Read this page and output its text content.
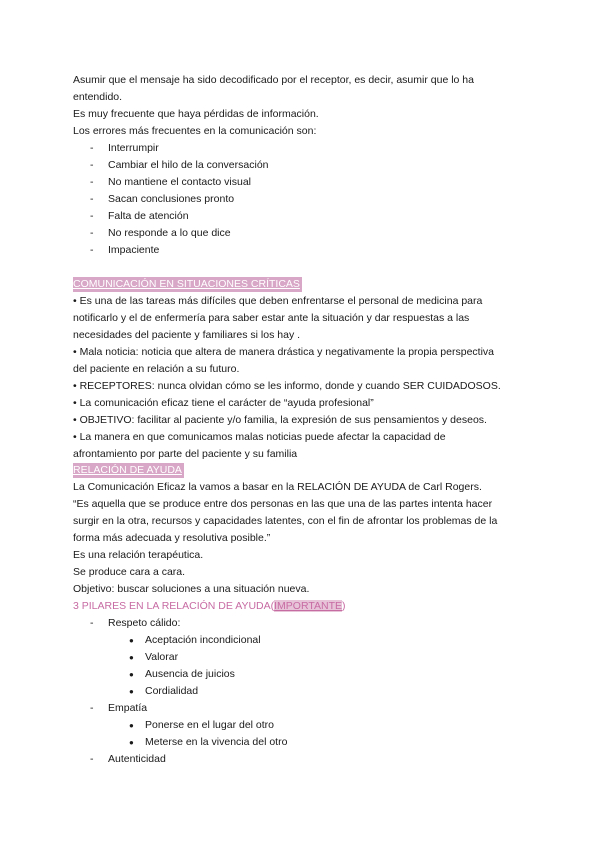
Asumir que el mensaje ha sido decodificado por el receptor, es decir, asumir que lo ha
entendido.
Es muy frecuente que haya pérdidas de información.
Los errores más frecuentes en la comunicación son:
- Interrumpir
- Cambiar el hilo de la conversación
- No mantiene el contacto visual
- Sacan conclusiones pronto
- Falta de atención
- No responde a lo que dice
- Impaciente
COMUNICACIÓN EN SITUACIONES CRÍTICAS
• Es una de las tareas más difíciles que deben enfrentarse el personal de medicina para
notificarlo y el de enfermería para saber estar ante la situación y dar respuestas a las
necesidades del paciente y familiares si los hay .
• Mala noticia: noticia que altera de manera drástica y negativamente la propia perspectiva
del paciente en relación a su futuro.
• RECEPTORES: nunca olvidan cómo se les informo, donde y cuando SER CUIDADOSOS.
• La comunicación eficaz tiene el carácter de “ayuda profesional”
• OBJETIVO: facilitar al paciente y/o familia, la expresión de sus pensamientos y deseos.
• La manera en que comunicamos malas noticias puede afectar la capacidad de
afrontamiento por parte del paciente y su familia
RELACIÓN DE AYUDA
La Comunicación Eficaz la vamos a basar en la RELACIÓN DE AYUDA de Carl Rogers.
“Es aquella que se produce entre dos personas en las que una de las partes intenta hacer
surgir en la otra, recursos y capacidades latentes, con el fin de afrontar los problemas de la
forma más adecuada y resolutiva posible.”
Es una relación terapéutica.
Se produce cara a cara.
Objetivo: buscar soluciones a una situación nueva.
3 PILARES EN LA RELACIÓN DE AYUDA(IMPORTANTE)
- Respeto cálido:
● Aceptación incondicional
● Valorar
● Ausencia de juicios
● Cordialidad
- Empatía
● Ponerse en el lugar del otro
● Meterse en la vivencia del otro
- Autenticidad
